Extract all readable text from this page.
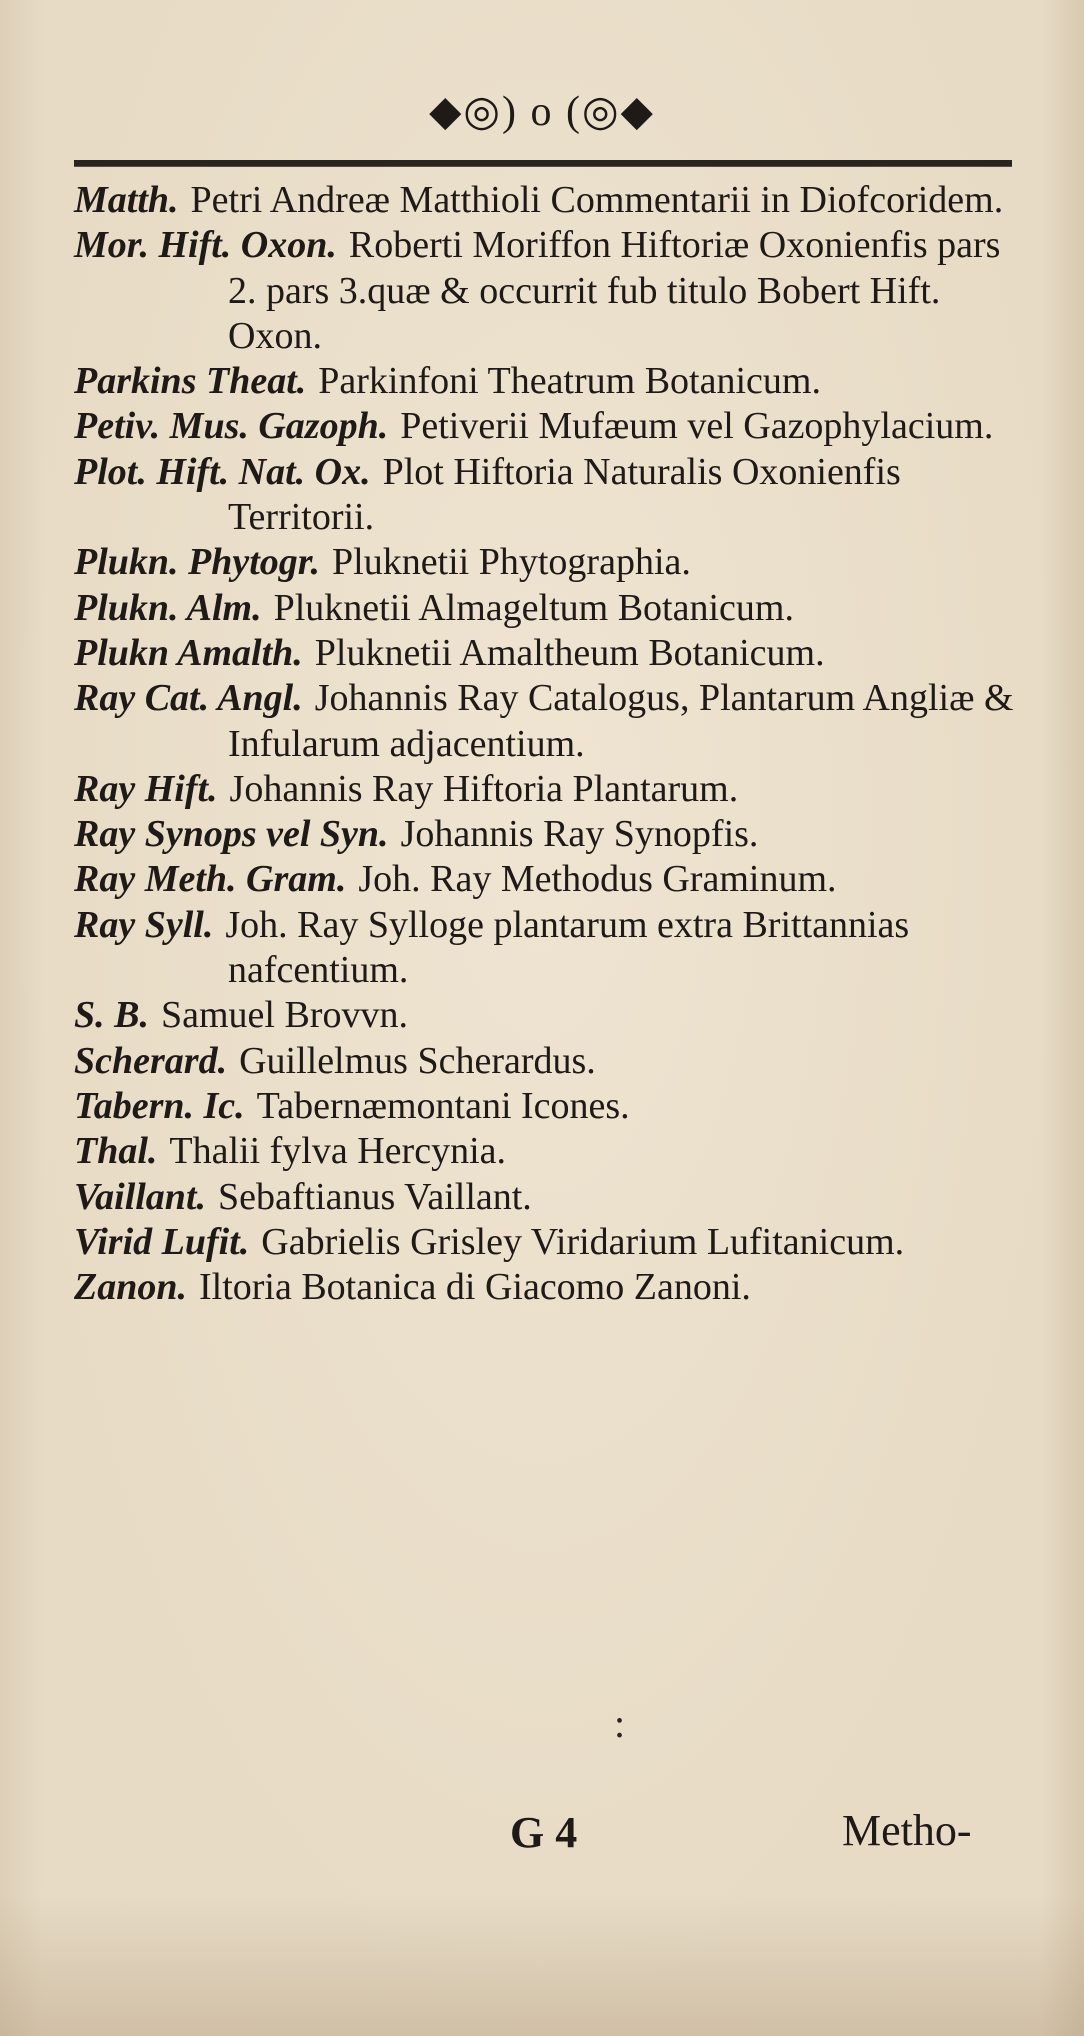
◆◎) o (◎◆

Matth. Petri Andreæ Matthioli Commentarii in Diofcoridem.

Mor. Hift. Oxon. Roberti Moriffon Hiftoriæ Oxonienfis pars 2. pars 3.quæ & occurrit fub titulo Bobert Hift. Oxon.

Parkins Theat. Parkinfoni Theatrum Botanicum.

Petiv. Mus. Gazoph. Petiverii Mufæum vel Gazophylacium.

Plot. Hift. Nat. Ox. Plot Hiftoria Naturalis Oxonienfis Territorii.

Plukn. Phytogr. Pluknetii Phytographia.

Plukn. Alm. Pluknetii Almageltum Botanicum.

Plukn Amalth. Pluknetii Amaltheum Botanicum.

Ray Cat. Angl. Johannis Ray Catalogus, Plantarum Angliæ & Infularum adjacentium.

Ray Hift. Johannis Ray Hiftoria Plantarum.

Ray Synops vel Syn. Johannis Ray Synopfis.

Ray Meth. Gram. Joh. Ray Methodus Graminum.

Ray Syll. Joh. Ray Sylloge plantarum extra Brittannias nafcentium.

S. B. Samuel Brovvn.

Scherard. Guillelmus Scherardus.

Tabern. Ic. Tabernæmontani Icones.

Thal. Thalii fylva Hercynia.

Vaillant. Sebaftianus Vaillant.

Virid Lufit. Gabrielis Grisley Viridarium Lufitanicum.

Zanon. Iltoria Botanica di Giacomo Zanoni.

:
G 4	Metho-
